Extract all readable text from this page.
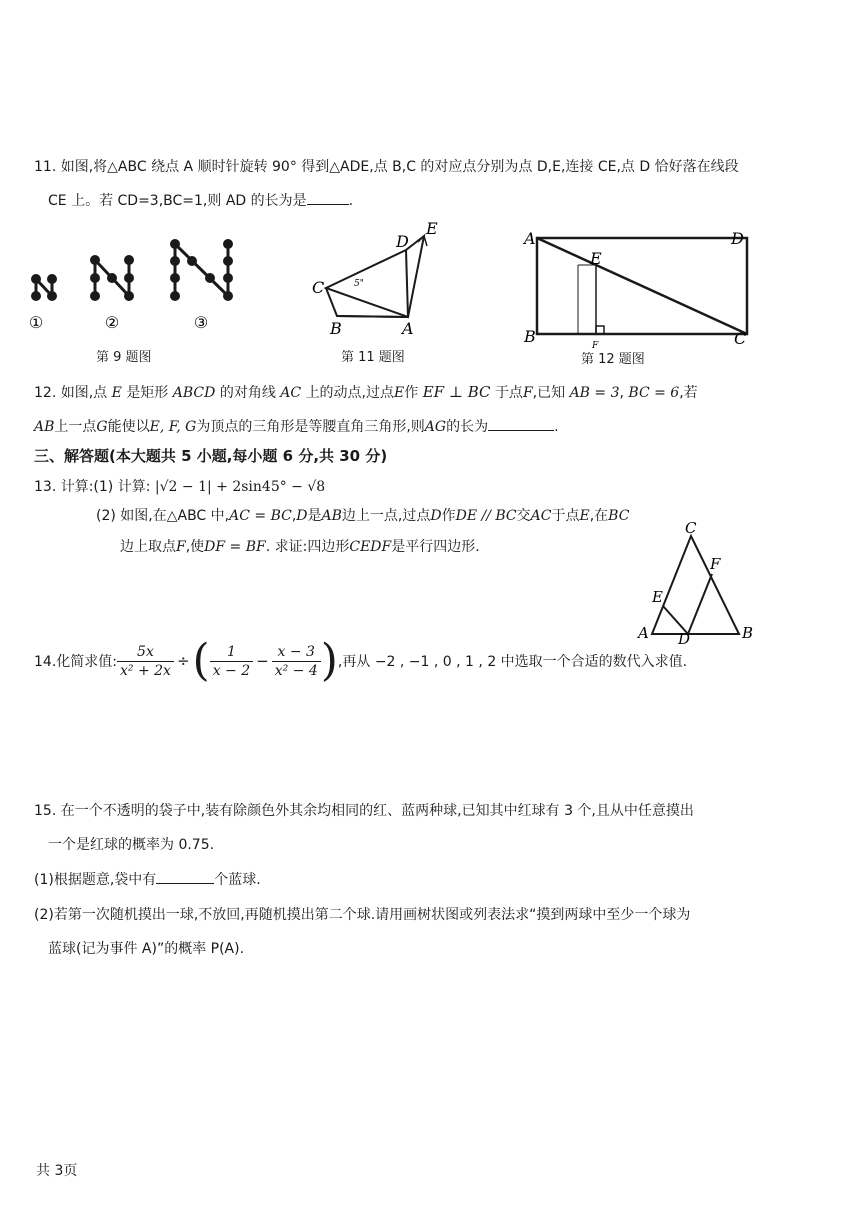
11. 如图,将△ABC 绕点 A 顺时针旋转 90° 得到△ADE,点 B,C 的对应点分别为点 D,E,连接 CE,点 D 恰好落在线段
CE 上。若 CD=3,BC=1,则 AD 的长为是	.
①	②	③
第 9 题图
C
D
E
B	A
5"
第 11 题图
A	D
E
B	C
F
第 12 题图
12. 如图,点 E 是矩形 ABCD 的对角线 AC 上的动点,过点E作 EF ⊥ BC 于点F,已知 AB = 3, BC = 6,若
AB上一点G能使以E, F, G为顶点的三角形是等腰直角三角形,则AG的长为	.
三、解答题(本大题共 5 小题,每小题 6 分,共 30 分)
13. 计算:(1) 计算: |√2 − 1| + 2sin45° − √8
(2) 如图,在△ABC 中,AC = BC,D是AB边上一点,过点D作DE // BC交AC于点E,在BC
边上取点F,使DF = BF. 求证:四边形CEDF是平行四边形.
C
F
E
A D	B
14.化简求值: $\frac{5x}{\text{x² + 2x}}$ ÷ ( $\frac{1}{x - 2} - \frac{x - 3}{\text{x² − 4}}$ ) ,再从 −2 , −1 , 0 , 1 , 2 中选取一个合适的数代入求值.
15. 在一个不透明的袋子中,装有除颜色外其余均相同的红、蓝两种球,已知其中红球有 3 个,且从中任意摸出
一个是红球的概率为 0.75.
(1)根据题意,袋中有	个蓝球.
(2)若第一次随机摸出一球,不放回,再随机摸出第二个球.请用画树状图或列表法求“摸到两球中至少一个球为
蓝球(记为事件 A)”的概率 P(A).
共 3页
